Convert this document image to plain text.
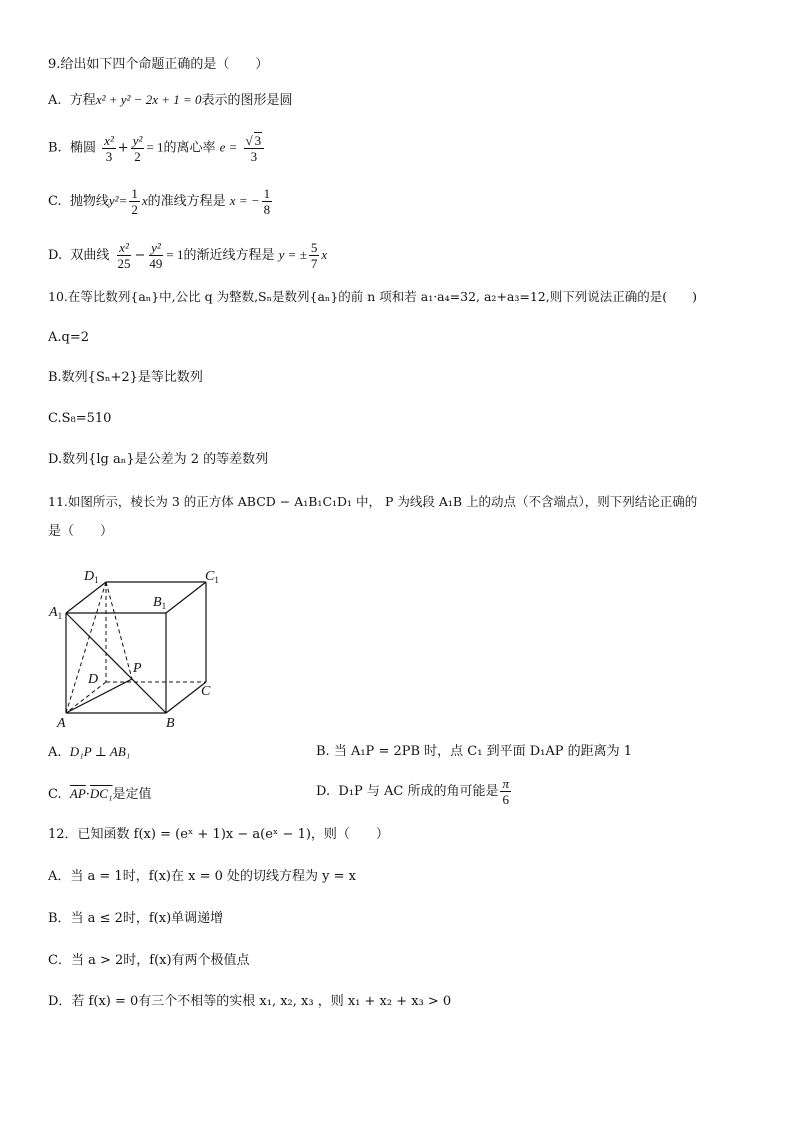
9.给出如下四个命题正确的是（　　）
A. 方程x² + y² − 2x + 1 = 0表示的图形是圆
B. 椭圆 $\frac{\text{x²}}{3} + \frac{\text{y²}}{2} = 1$的离心率 $e = \frac{√ 3}{3}$
C. 抛物线$y^2= \frac{1}{2}$ x的准线方程是 x = − $\frac{1}{8}$
D. 双曲线 $\frac{\text{x²}}{25} - \frac{\text{y²}}{49} = 1$的渐近线方程是 y = ± $\frac{5}{7}$ x
10.在等比数列{aₙ}中,公比 q 为整数,Sₙ是数列{aₙ}的前 n 项和若 a₁·a₄=32, a₂+a₃=12,则下列说法正确的是(　　)
A.q=2
B.数列{Sₙ+2}是等比数列
C.S₈=510
D.数列{lg aₙ}是公差为 2 的等差数列
11.如图所示，棱长为 3 的正方体 ABCD − A₁B₁C₁D₁ 中， P 为线段 A₁B 上的动点（不含端点），则下列结论正确的
是（　　）
$D_1$	$C_1$
$B_1$
$A_1$
P
D
C
A	B
A. D₁P ⊥ AB₁	B. 当 A₁P = 2PB 时，点 C₁ 到平面 D₁AP 的距离为 1
C. $\overline{AP}\cdot DC_1$是定值	D. D₁P 与 AC 所成的角可能是 $\frac{\pi}{6}$
12．已知函数 f(x) = (eˣ + 1)x − a(eˣ − 1)，则（　　）
A．当 a = 1时，f(x)在 x = 0 处的切线方程为 y = x
B．当 a ≤ 2时，f(x)单调递增
C．当 a > 2时，f(x)有两个极值点
D．若 f(x) = 0有三个不相等的实根 x₁, x₂, x₃ ，则 x₁ + x₂ + x₃ > 0
